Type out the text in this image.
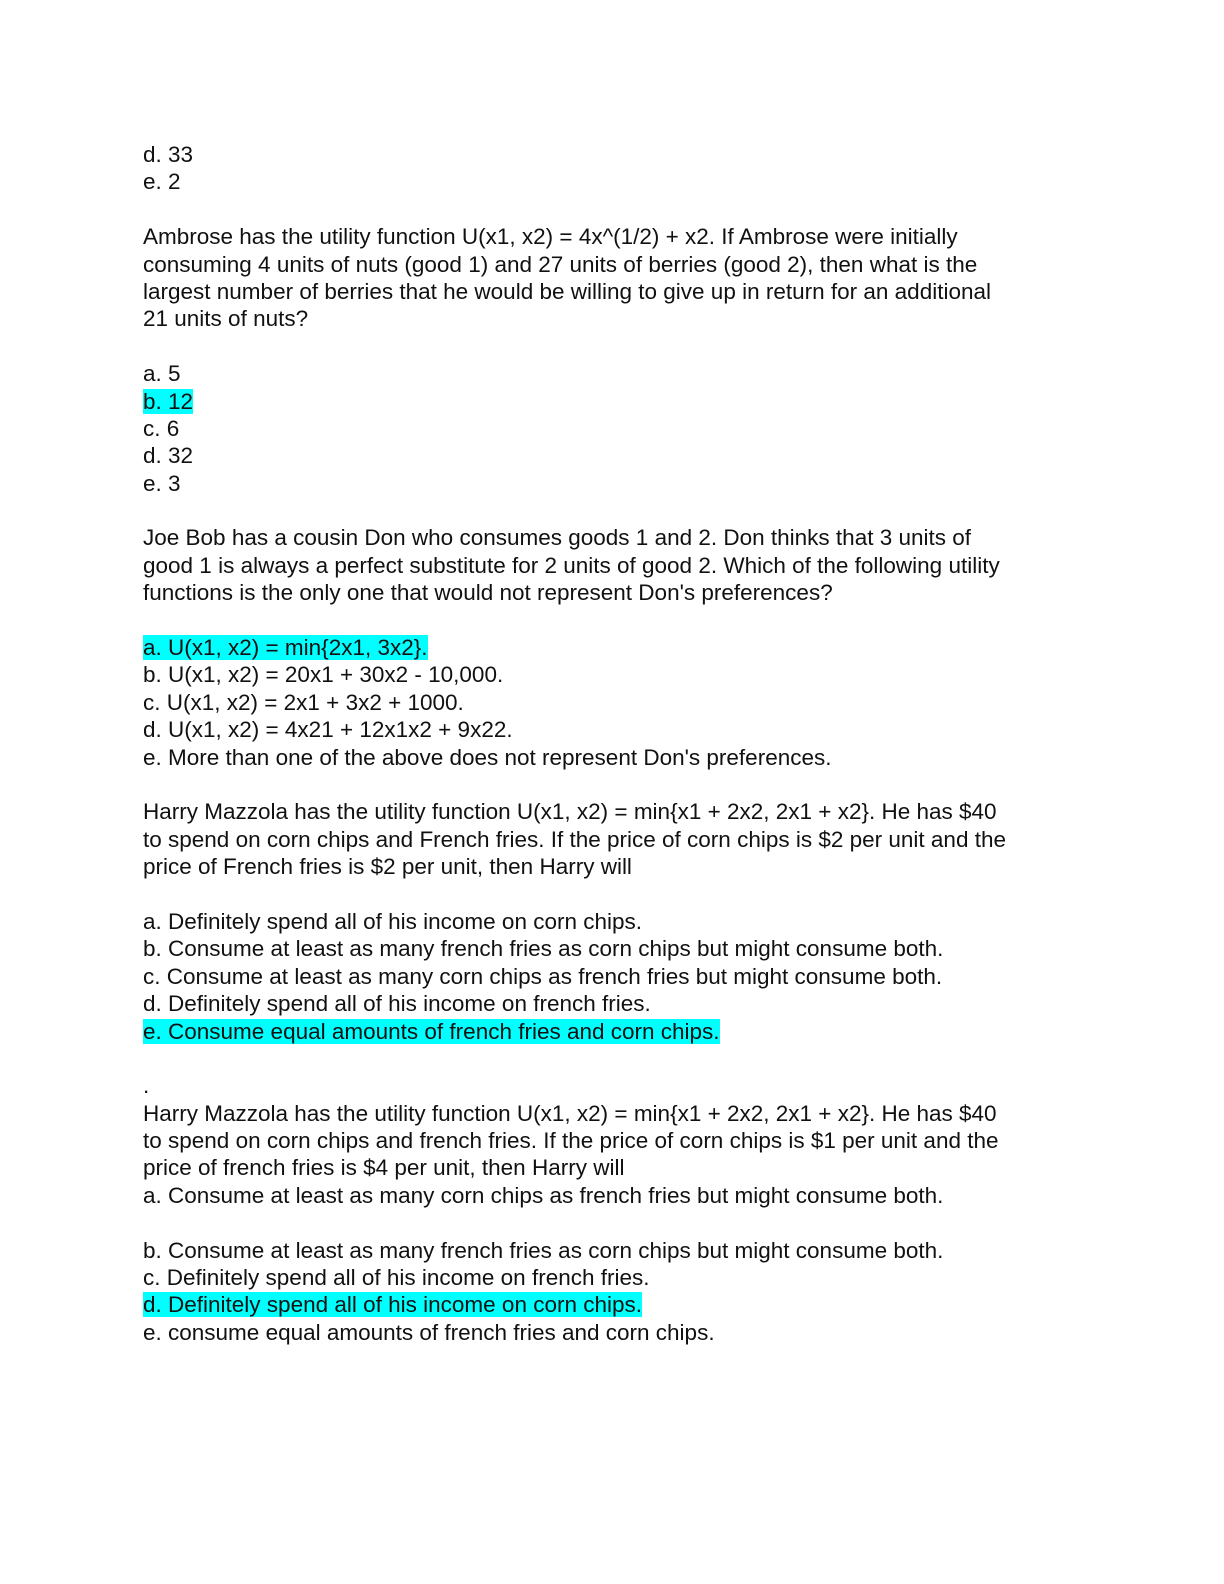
d. 33
e. 2
Ambrose has the utility function U(x1, x2) = 4x^(1/2) + x2. If Ambrose were initially
consuming 4 units of nuts (good 1) and 27 units of berries (good 2), then what is the
largest number of berries that he would be willing to give up in return for an additional
21 units of nuts?
a. 5
b. 12
c. 6
d. 32
e. 3
Joe Bob has a cousin Don who consumes goods 1 and 2. Don thinks that 3 units of
good 1 is always a perfect substitute for 2 units of good 2. Which of the following utility
functions is the only one that would not represent Don's preferences?
a. U(x1, x2) = min{2x1, 3x2}.
b. U(x1, x2) = 20x1 + 30x2 - 10,000.
c. U(x1, x2) = 2x1 + 3x2 + 1000.
d. U(x1, x2) = 4x21 + 12x1x2 + 9x22.
e. More than one of the above does not represent Don's preferences.
Harry Mazzola has the utility function U(x1, x2) = min{x1 + 2x2, 2x1 + x2}. He has $40
to spend on corn chips and French fries. If the price of corn chips is $2 per unit and the
price of French fries is $2 per unit, then Harry will
a. Definitely spend all of his income on corn chips.
b. Consume at least as many french fries as corn chips but might consume both.
c. Consume at least as many corn chips as french fries but might consume both.
d. Definitely spend all of his income on french fries.
e. Consume equal amounts of french fries and corn chips.
.
Harry Mazzola has the utility function U(x1, x2) = min{x1 + 2x2, 2x1 + x2}. He has $40
to spend on corn chips and french fries. If the price of corn chips is $1 per unit and the
price of french fries is $4 per unit, then Harry will
a. Consume at least as many corn chips as french fries but might consume both.
b. Consume at least as many french fries as corn chips but might consume both.
c. Definitely spend all of his income on french fries.
d. Definitely spend all of his income on corn chips.
e. consume equal amounts of french fries and corn chips.
